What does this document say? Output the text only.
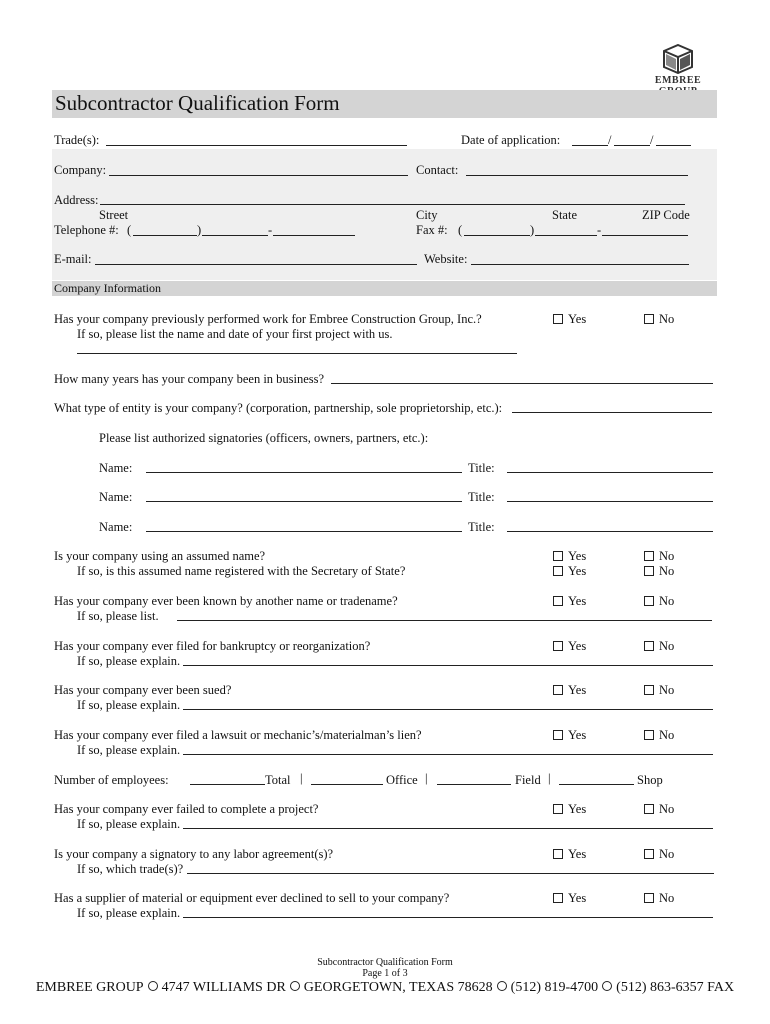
EMBREE
Subcontractor Qualification Form
Trade(s):	Date of application:	/	/
Company:	Contact:
Address:
Street	City	State	ZIP Code
Telephone #: (	)	-	Fax #: (	)	-
E-mail:	Website:
Company Information
Has your company previously performed work for Embree Construction Group, Inc.?	Yes	No
If so, please list the name and date of your first project with us.
How many years has your company been in business?
What type of entity is your company? (corporation, partnership, sole proprietorship, etc.):
Please list authorized signatories (officers, owners, partners, etc.):
Name:	Title:
Name:	Title:
Name:	Title:
Is your company using an assumed name?	Yes	No
If so, is this assumed name registered with the Secretary of State?	Yes	No
Has your company ever been known by another name or tradename?	Yes	No
If so, please list.
Has your company ever filed for bankruptcy or reorganization?	Yes	No
If so, please explain.
Has your company ever been sued?	Yes	No
If so, please explain.
Has your company ever filed a lawsuit or mechanic’s/materialman’s lien?	Yes	No
If so, please explain.
Number of employees:	Total |	Office |	Field |	Shop
Has your company ever failed to complete a project?	Yes	No
If so, please explain.
Is your company a signatory to any labor agreement(s)?	Yes	No
If so, which trade(s)?
Has a supplier of material or equipment ever declined to sell to your company?	Yes	No
If so, please explain.
Subcontractor Qualification Form
Page 1 of 3
EMBREE GROUP 4747 WILLIAMS DR GEORGETOWN, TEXAS 78628 (512) 819-4700 (512) 863-6357 FAX
